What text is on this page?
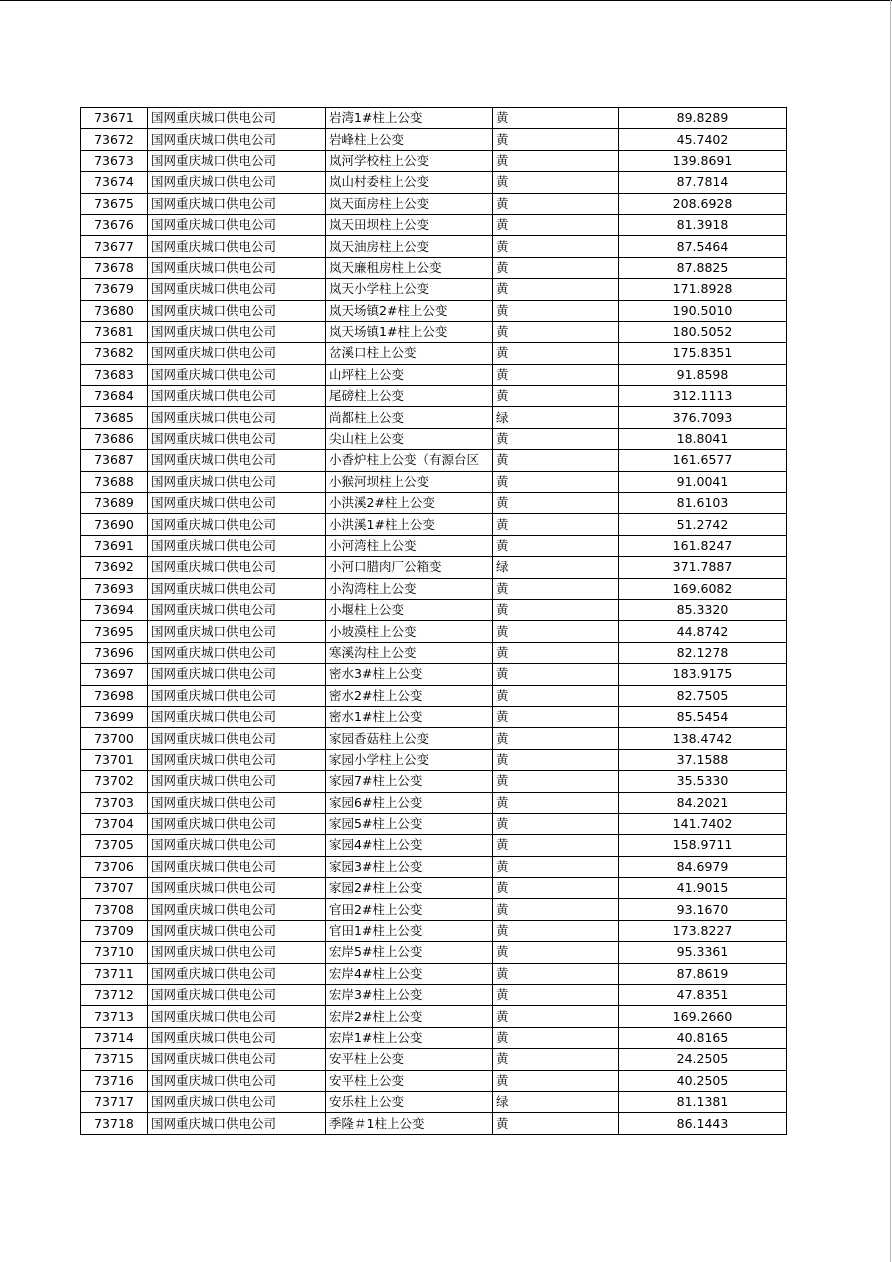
73671	国网重庆城口供电公司	岩湾1#柱上公变	黄	89.8289
73672	国网重庆城口供电公司	岩峰柱上公变	黄	45.7402
73673	国网重庆城口供电公司	岚河学校柱上公变	黄	139.8691
73674	国网重庆城口供电公司	岚山村委柱上公变	黄	87.7814
73675	国网重庆城口供电公司	岚天面房柱上公变	黄	208.6928
73676	国网重庆城口供电公司	岚天田坝柱上公变	黄	81.3918
73677	国网重庆城口供电公司	岚天油房柱上公变	黄	87.5464
73678	国网重庆城口供电公司	岚天廉租房柱上公变	黄	87.8825
73679	国网重庆城口供电公司	岚天小学柱上公变	黄	171.8928
73680	国网重庆城口供电公司	岚天场镇2#柱上公变	黄	190.5010
73681	国网重庆城口供电公司	岚天场镇1#柱上公变	黄	180.5052
73682	国网重庆城口供电公司	岔溪口柱上公变	黄	175.8351
73683	国网重庆城口供电公司	山坪柱上公变	黄	91.8598
73684	国网重庆城口供电公司	尾磅柱上公变	黄	312.1113
73685	国网重庆城口供电公司	尚都柱上公变	绿	376.7093
73686	国网重庆城口供电公司	尖山柱上公变	黄	18.8041
73687	国网重庆城口供电公司	小香炉柱上公变（有源台区	黄	161.6577
73688	国网重庆城口供电公司	小猴河坝柱上公变	黄	91.0041
73689	国网重庆城口供电公司	小洪溪2#柱上公变	黄	81.6103
73690	国网重庆城口供电公司	小洪溪1#柱上公变	黄	51.2742
73691	国网重庆城口供电公司	小河湾柱上公变	黄	161.8247
73692	国网重庆城口供电公司	小河口腊肉厂公箱变	绿	371.7887
73693	国网重庆城口供电公司	小沟湾柱上公变	黄	169.6082
73694	国网重庆城口供电公司	小堰柱上公变	黄	85.3320
73695	国网重庆城口供电公司	小坡漠柱上公变	黄	44.8742
73696	国网重庆城口供电公司	寒溪沟柱上公变	黄	82.1278
73697	国网重庆城口供电公司	密水3#柱上公变	黄	183.9175
73698	国网重庆城口供电公司	密水2#柱上公变	黄	82.7505
73699	国网重庆城口供电公司	密水1#柱上公变	黄	85.5454
73700	国网重庆城口供电公司	家园香菇柱上公变	黄	138.4742
73701	国网重庆城口供电公司	家园小学柱上公变	黄	37.1588
73702	国网重庆城口供电公司	家园7#柱上公变	黄	35.5330
73703	国网重庆城口供电公司	家园6#柱上公变	黄	84.2021
73704	国网重庆城口供电公司	家园5#柱上公变	黄	141.7402
73705	国网重庆城口供电公司	家园4#柱上公变	黄	158.9711
73706	国网重庆城口供电公司	家园3#柱上公变	黄	84.6979
73707	国网重庆城口供电公司	家园2#柱上公变	黄	41.9015
73708	国网重庆城口供电公司	官田2#柱上公变	黄	93.1670
73709	国网重庆城口供电公司	官田1#柱上公变	黄	173.8227
73710	国网重庆城口供电公司	宏岸5#柱上公变	黄	95.3361
73711	国网重庆城口供电公司	宏岸4#柱上公变	黄	87.8619
73712	国网重庆城口供电公司	宏岸3#柱上公变	黄	47.8351
73713	国网重庆城口供电公司	宏岸2#柱上公变	黄	169.2660
73714	国网重庆城口供电公司	宏岸1#柱上公变	黄	40.8165
73715	国网重庆城口供电公司	安平柱上公变	黄	24.2505
73716	国网重庆城口供电公司	安平柱上公变	黄	40.2505
73717	国网重庆城口供电公司	安乐柱上公变	绿	81.1381
73718	国网重庆城口供电公司	季隆＃1柱上公变	黄	86.1443
